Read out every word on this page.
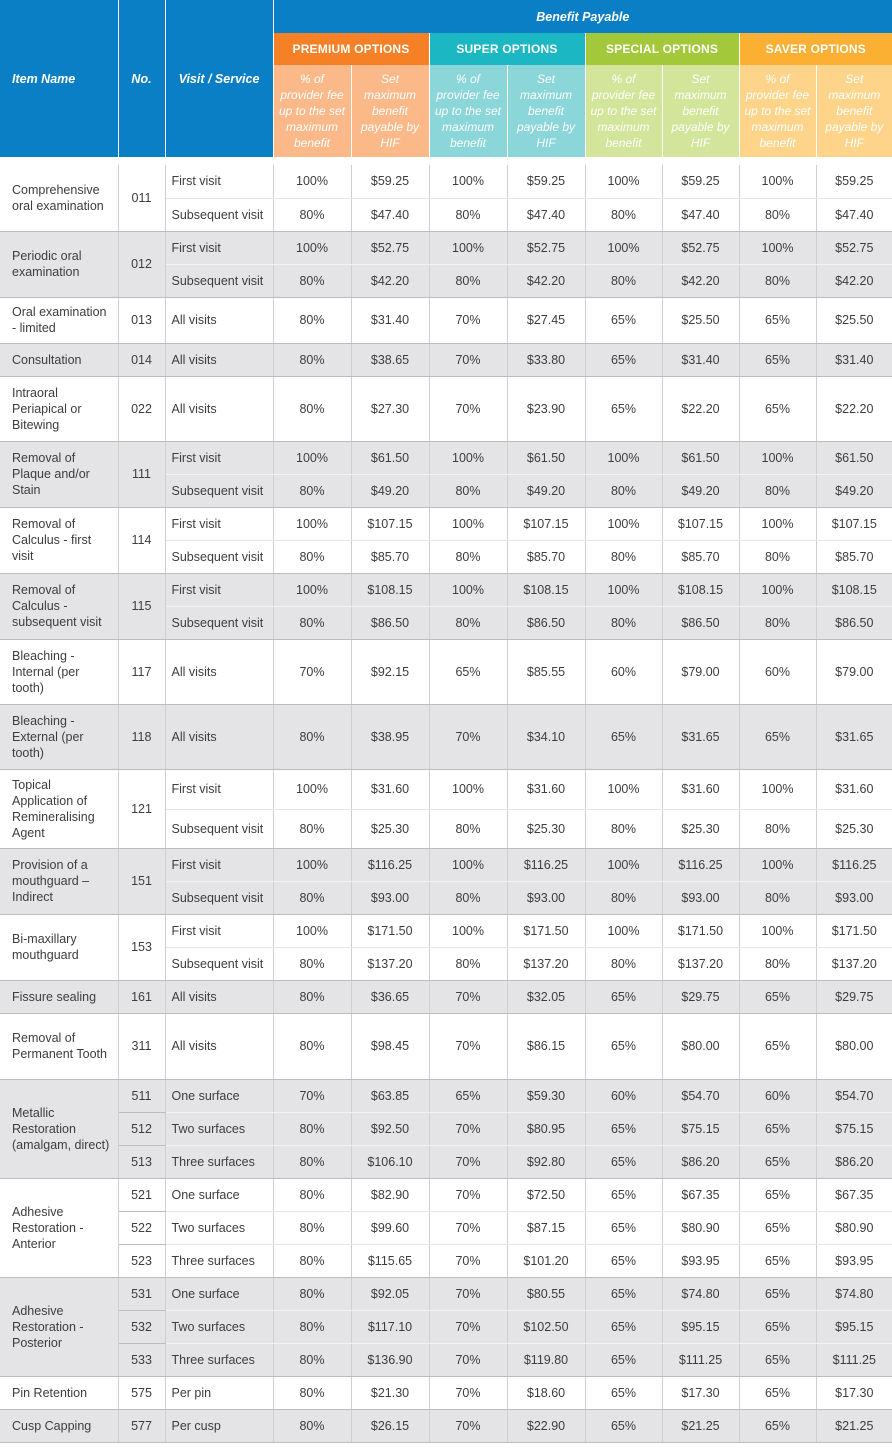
Item Name	No.	Visit / Service	Benefit Payable							
			PREMIUM OPTIONS		SUPER OPTIONS		SPECIAL OPTIONS		SAVER OPTIONS	

			% of
provider fee
up to the set
maximum
benefit	Set
maximum
benefit
payable by
HIF	% of
provider fee
up to the set
maximum
benefit	Set
maximum
benefit
payable by
HIF	% of
provider fee
up to the set
maximum
benefit	Set
maximum
benefit
payable by
HIF	% of
provider fee
up to the set
maximum
benefit	Set
maximum
benefit
payable by
HIF

Comprehensive oral examination	011	First visit	100%	$59.25	100%	$59.25	100%	$59.25	100%	$59.25
		Subsequent visit	80%	$47.40	80%	$47.40	80%	$47.40	80%	$47.40
Periodic oral examination	012	First visit	100%	$52.75	100%	$52.75	100%	$52.75	100%	$52.75
		Subsequent visit	80%	$42.20	80%	$42.20	80%	$42.20	80%	$42.20
Oral examination - limited	013	All visits	80%	$31.40	70%	$27.45	65%	$25.50	65%	$25.50
Consultation	014	All visits	80%	$38.65	70%	$33.80	65%	$31.40	65%	$31.40
Intraoral Periapical or Bitewing	022	All visits	80%	$27.30	70%	$23.90	65%	$22.20	65%	$22.20
Removal of Plaque and/or Stain	111	First visit	100%	$61.50	100%	$61.50	100%	$61.50	100%	$61.50
		Subsequent visit	80%	$49.20	80%	$49.20	80%	$49.20	80%	$49.20
Removal of Calculus - first visit	114	First visit	100%	$107.15	100%	$107.15	100%	$107.15	100%	$107.15
		Subsequent visit	80%	$85.70	80%	$85.70	80%	$85.70	80%	$85.70
Removal of Calculus - subsequent visit	115	First visit	100%	$108.15	100%	$108.15	100%	$108.15	100%	$108.15
		Subsequent visit	80%	$86.50	80%	$86.50	80%	$86.50	80%	$86.50
Bleaching - Internal (per tooth)	117	All visits	70%	$92.15	65%	$85.55	60%	$79.00	60%	$79.00
Bleaching - External (per tooth)	118	All visits	80%	$38.95	70%	$34.10	65%	$31.65	65%	$31.65
Topical Application of Remineralising Agent	121	First visit	100%	$31.60	100%	$31.60	100%	$31.60	100%	$31.60
		Subsequent visit	80%	$25.30	80%	$25.30	80%	$25.30	80%	$25.30
Provision of a mouthguard – Indirect	151	First visit	100%	$116.25	100%	$116.25	100%	$116.25	100%	$116.25
		Subsequent visit	80%	$93.00	80%	$93.00	80%	$93.00	80%	$93.00
Bi-maxillary mouthguard	153	First visit	100%	$171.50	100%	$171.50	100%	$171.50	100%	$171.50
		Subsequent visit	80%	$137.20	80%	$137.20	80%	$137.20	80%	$137.20
Fissure sealing	161	All visits	80%	$36.65	70%	$32.05	65%	$29.75	65%	$29.75
Removal of Permanent Tooth	311	All visits	80%	$98.45	70%	$86.15	65%	$80.00	65%	$80.00
Metallic Restoration (amalgam, direct)	511	One surface	70%	$63.85	65%	$59.30	60%	$54.70	60%	$54.70
	512	Two surfaces	80%	$92.50	70%	$80.95	65%	$75.15	65%	$75.15
	513	Three surfaces	80%	$106.10	70%	$92.80	65%	$86.20	65%	$86.20
Adhesive Restoration - Anterior	521	One surface	80%	$82.90	70%	$72.50	65%	$67.35	65%	$67.35
	522	Two surfaces	80%	$99.60	70%	$87.15	65%	$80.90	65%	$80.90
	523	Three surfaces	80%	$115.65	70%	$101.20	65%	$93.95	65%	$93.95
Adhesive Restoration - Posterior	531	One surface	80%	$92.05	70%	$80.55	65%	$74.80	65%	$74.80
	532	Two surfaces	80%	$117.10	70%	$102.50	65%	$95.15	65%	$95.15
	533	Three surfaces	80%	$136.90	70%	$119.80	65%	$111.25	65%	$111.25
Pin Retention	575	Per pin	80%	$21.30	70%	$18.60	65%	$17.30	65%	$17.30
Cusp Capping	577	Per cusp	80%	$26.15	70%	$22.90	65%	$21.25	65%	$21.25
